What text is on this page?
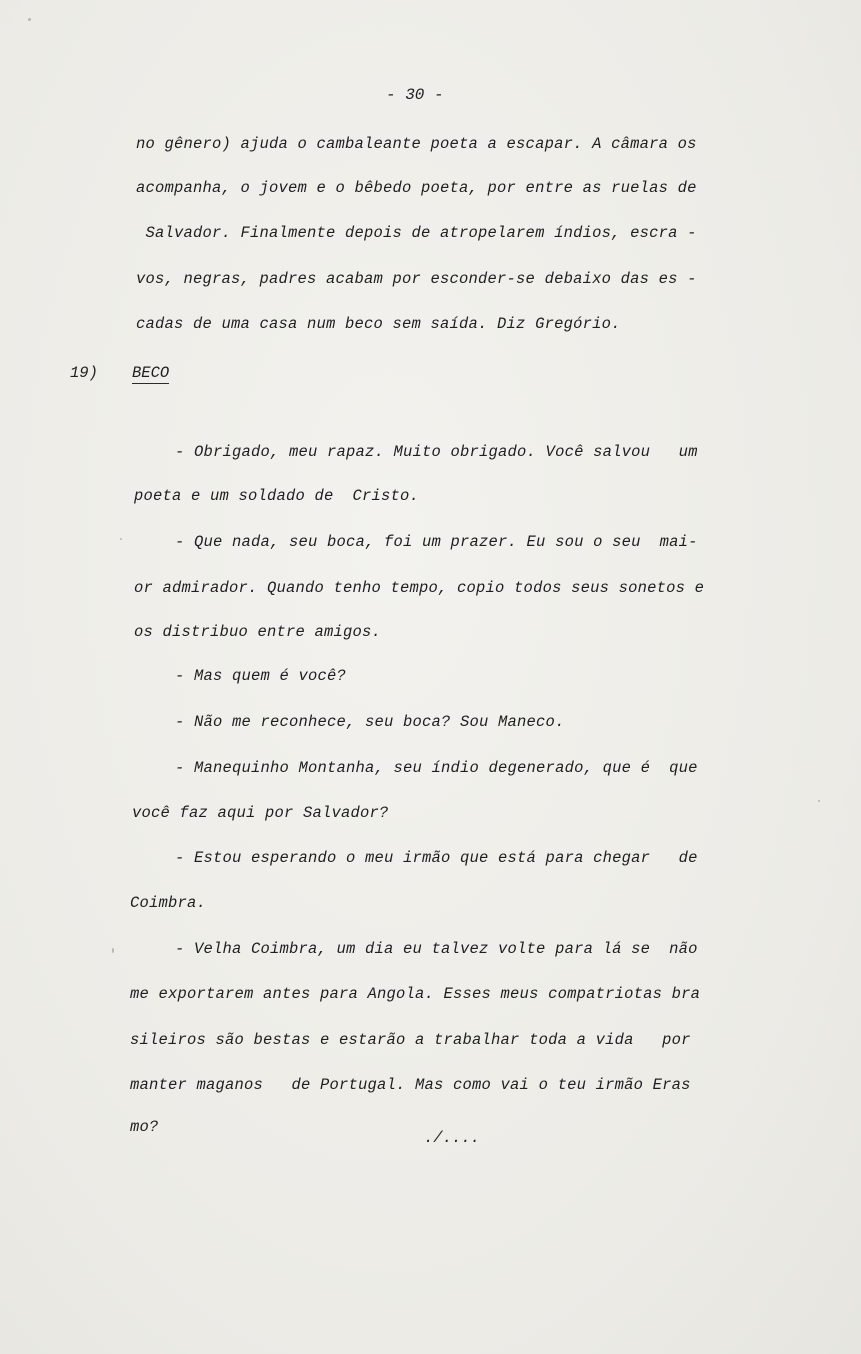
- 30 -
no gênero) ajuda o cambaleante poeta a escapar. A câmara os
acompanha, o jovem e o bêbedo poeta, por entre as ruelas de
Salvador. Finalmente depois de atropelarem índios, escra -
vos, negras, padres acabam por esconder-se debaixo das es -
cadas de uma casa num beco sem saída. Diz Gregório.
19) BECO
- Obrigado, meu rapaz. Muito obrigado. Você salvou   um
poeta e um soldado de  Cristo.
- Que nada, seu boca, foi um prazer. Eu sou o seu  mai-
or admirador. Quando tenho tempo, copio todos seus sonetos e
os distribuo entre amigos.
- Mas quem é você?
- Não me reconhece, seu boca? Sou Maneco.
- Manequinho Montanha, seu índio degenerado, que é  que
você faz aqui por Salvador?
- Estou esperando o meu irmão que está para chegar   de
Coimbra.
- Velha Coimbra, um dia eu talvez volte para lá se  não
me exportarem antes para Angola. Esses meus compatriotas bra
sileiros são bestas e estarão a trabalhar toda a vida   por
manter maganos   de Portugal. Mas como vai o teu irmão Eras
mo?
./....
